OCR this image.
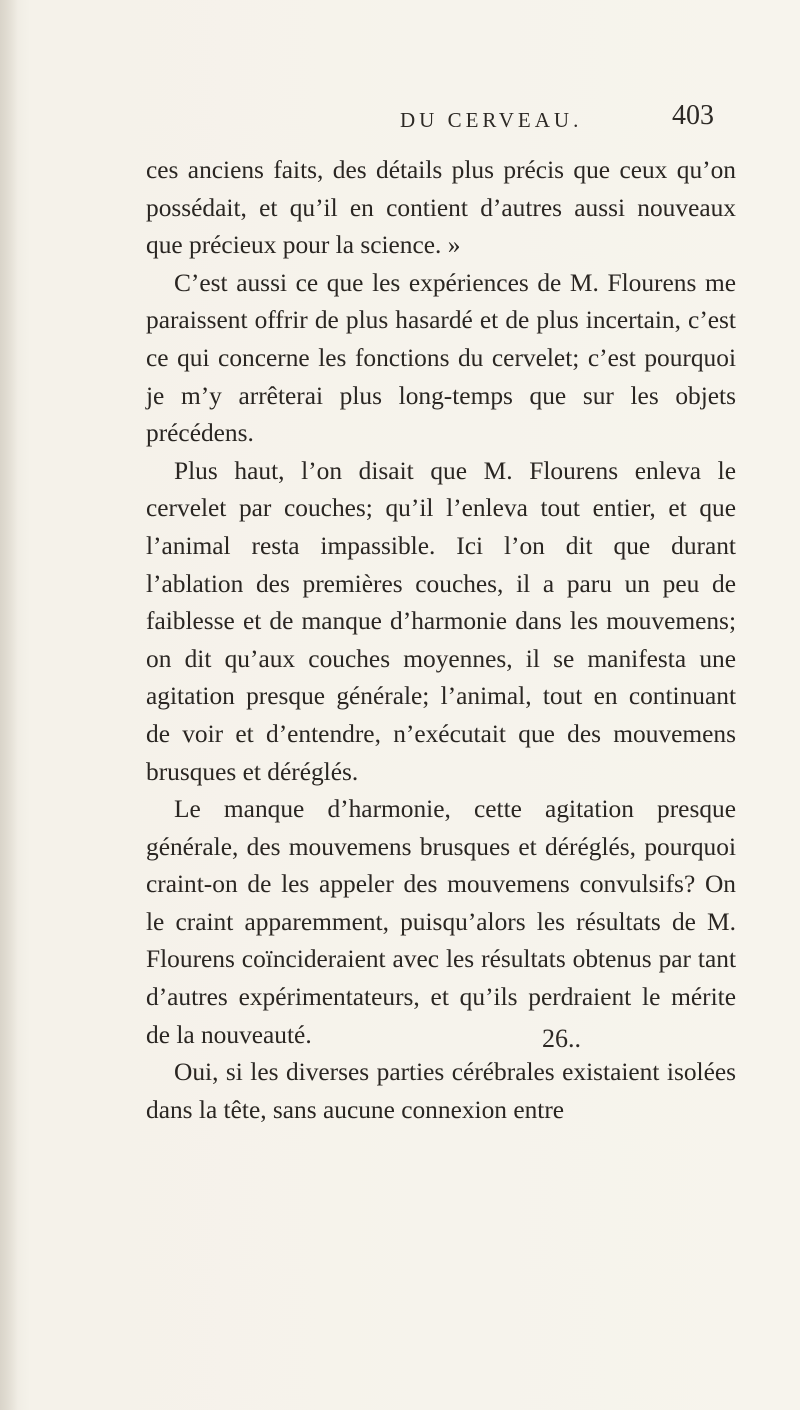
DU CERVEAU.	403

ces anciens faits, des détails plus précis que ceux qu’on possédait, et qu’il en contient d’autres aussi nouveaux que précieux pour la science. »

C’est aussi ce que les expériences de M. Flourens me paraissent offrir de plus hasardé et de plus incertain, c’est ce qui concerne les fonctions du cervelet; c’est pourquoi je m’y arrêterai plus long-temps que sur les objets précédens.

Plus haut, l’on disait que M. Flourens enleva le cervelet par couches; qu’il l’enleva tout entier, et que l’animal resta impassible. Ici l’on dit que durant l’ablation des premières couches, il a paru un peu de faiblesse et de manque d’harmonie dans les mouvemens; on dit qu’aux couches moyennes, il se manifesta une agitation presque générale; l’animal, tout en continuant de voir et d’entendre, n’exécutait que des mouvemens brusques et déréglés.

Le manque d’harmonie, cette agitation presque générale, des mouvemens brusques et déréglés, pourquoi craint-on de les appeler des mouvemens convulsifs? On le craint apparemment, puisqu’alors les résultats de M. Flourens coïncideraient avec les résultats obtenus par tant d’autres expérimentateurs, et qu’ils perdraient le mérite de la nouveauté.

Oui, si les diverses parties cérébrales existaient isolées dans la tête, sans aucune connexion entre

26..
